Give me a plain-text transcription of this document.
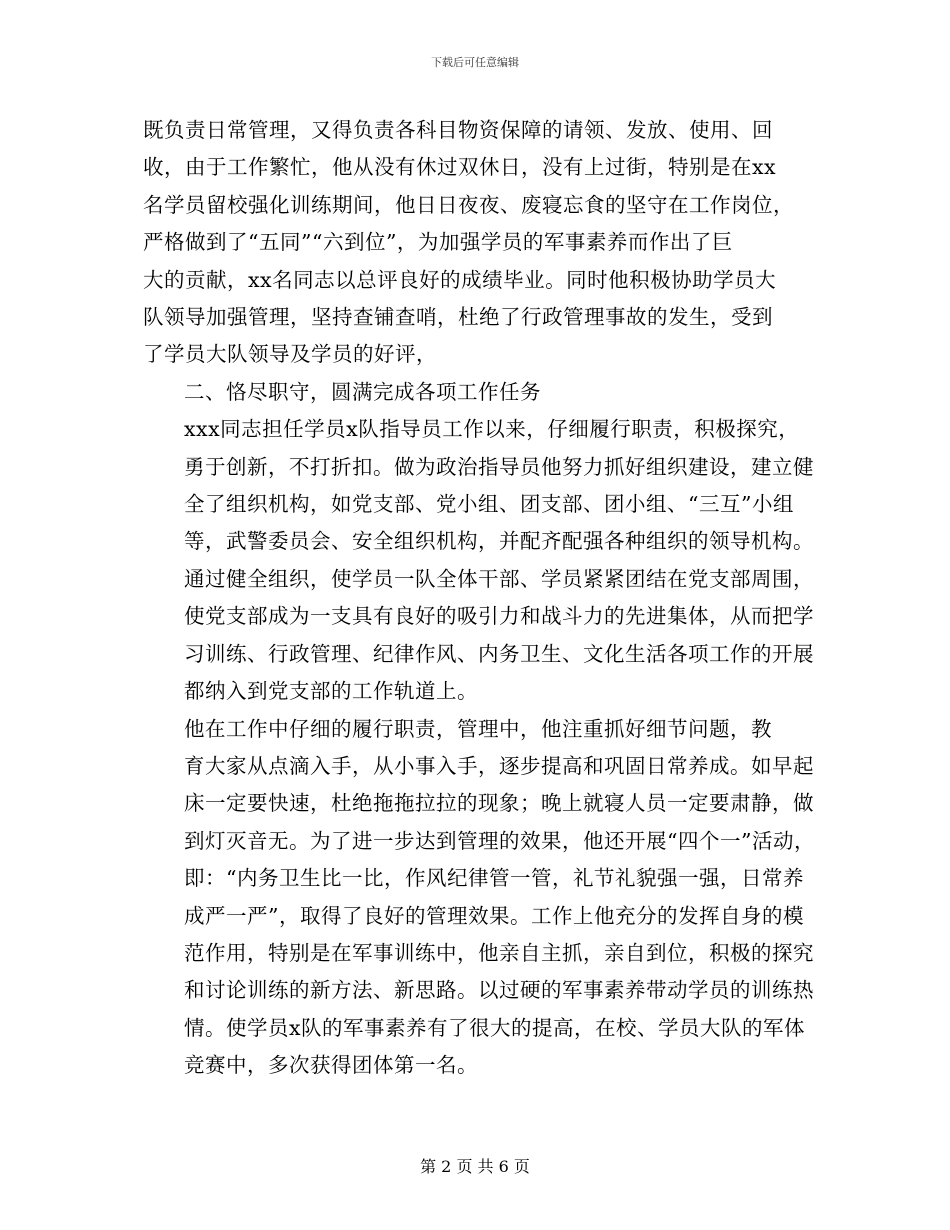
下载后可任意编辑

既负责日常管理，又得负责各科目物资保障的请领、发放、使用、回
收，由于工作繁忙，他从没有休过双休日，没有上过街，特别是在xx
名学员留校强化训练期间，他日日夜夜、废寝忘食的坚守在工作岗位，
严格做到了“五同”“六到位”，为加强学员的军事素养而作出了巨
大的贡献，xx名同志以总评良好的成绩毕业。同时他积极协助学员大
队领导加强管理，坚持查铺查哨，杜绝了行政管理事故的发生，受到
了学员大队领导及学员的好评，

二、恪尽职守，圆满完成各项工作任务

xxx同志担任学员x队指导员工作以来，仔细履行职责，积极探究，
勇于创新，不打折扣。做为政治指导员他努力抓好组织建设，建立健
全了组织机构，如党支部、党小组、团支部、团小组、“三互”小组
等，武警委员会、安全组织机构，并配齐配强各种组织的领导机构。
通过健全组织，使学员一队全体干部、学员紧紧团结在党支部周围，
使党支部成为一支具有良好的吸引力和战斗力的先进集体，从而把学
习训练、行政管理、纪律作风、内务卫生、文化生活各项工作的开展
都纳入到党支部的工作轨道上。

他在工作中仔细的履行职责，管理中，他注重抓好细节问题，教
育大家从点滴入手，从小事入手，逐步提高和巩固日常养成。如早起
床一定要快速，杜绝拖拖拉拉的现象；晚上就寝人员一定要肃静，做
到灯灭音无。为了进一步达到管理的效果，他还开展“四个一”活动，
即：“内务卫生比一比，作风纪律管一管，礼节礼貌强一强，日常养
成严一严”，取得了良好的管理效果。工作上他充分的发挥自身的模
范作用，特别是在军事训练中，他亲自主抓，亲自到位，积极的探究
和讨论训练的新方法、新思路。以过硬的军事素养带动学员的训练热
情。使学员x队的军事素养有了很大的提高，在校、学员大队的军体
竞赛中，多次获得团体第一名。

第 2 页 共 6 页
